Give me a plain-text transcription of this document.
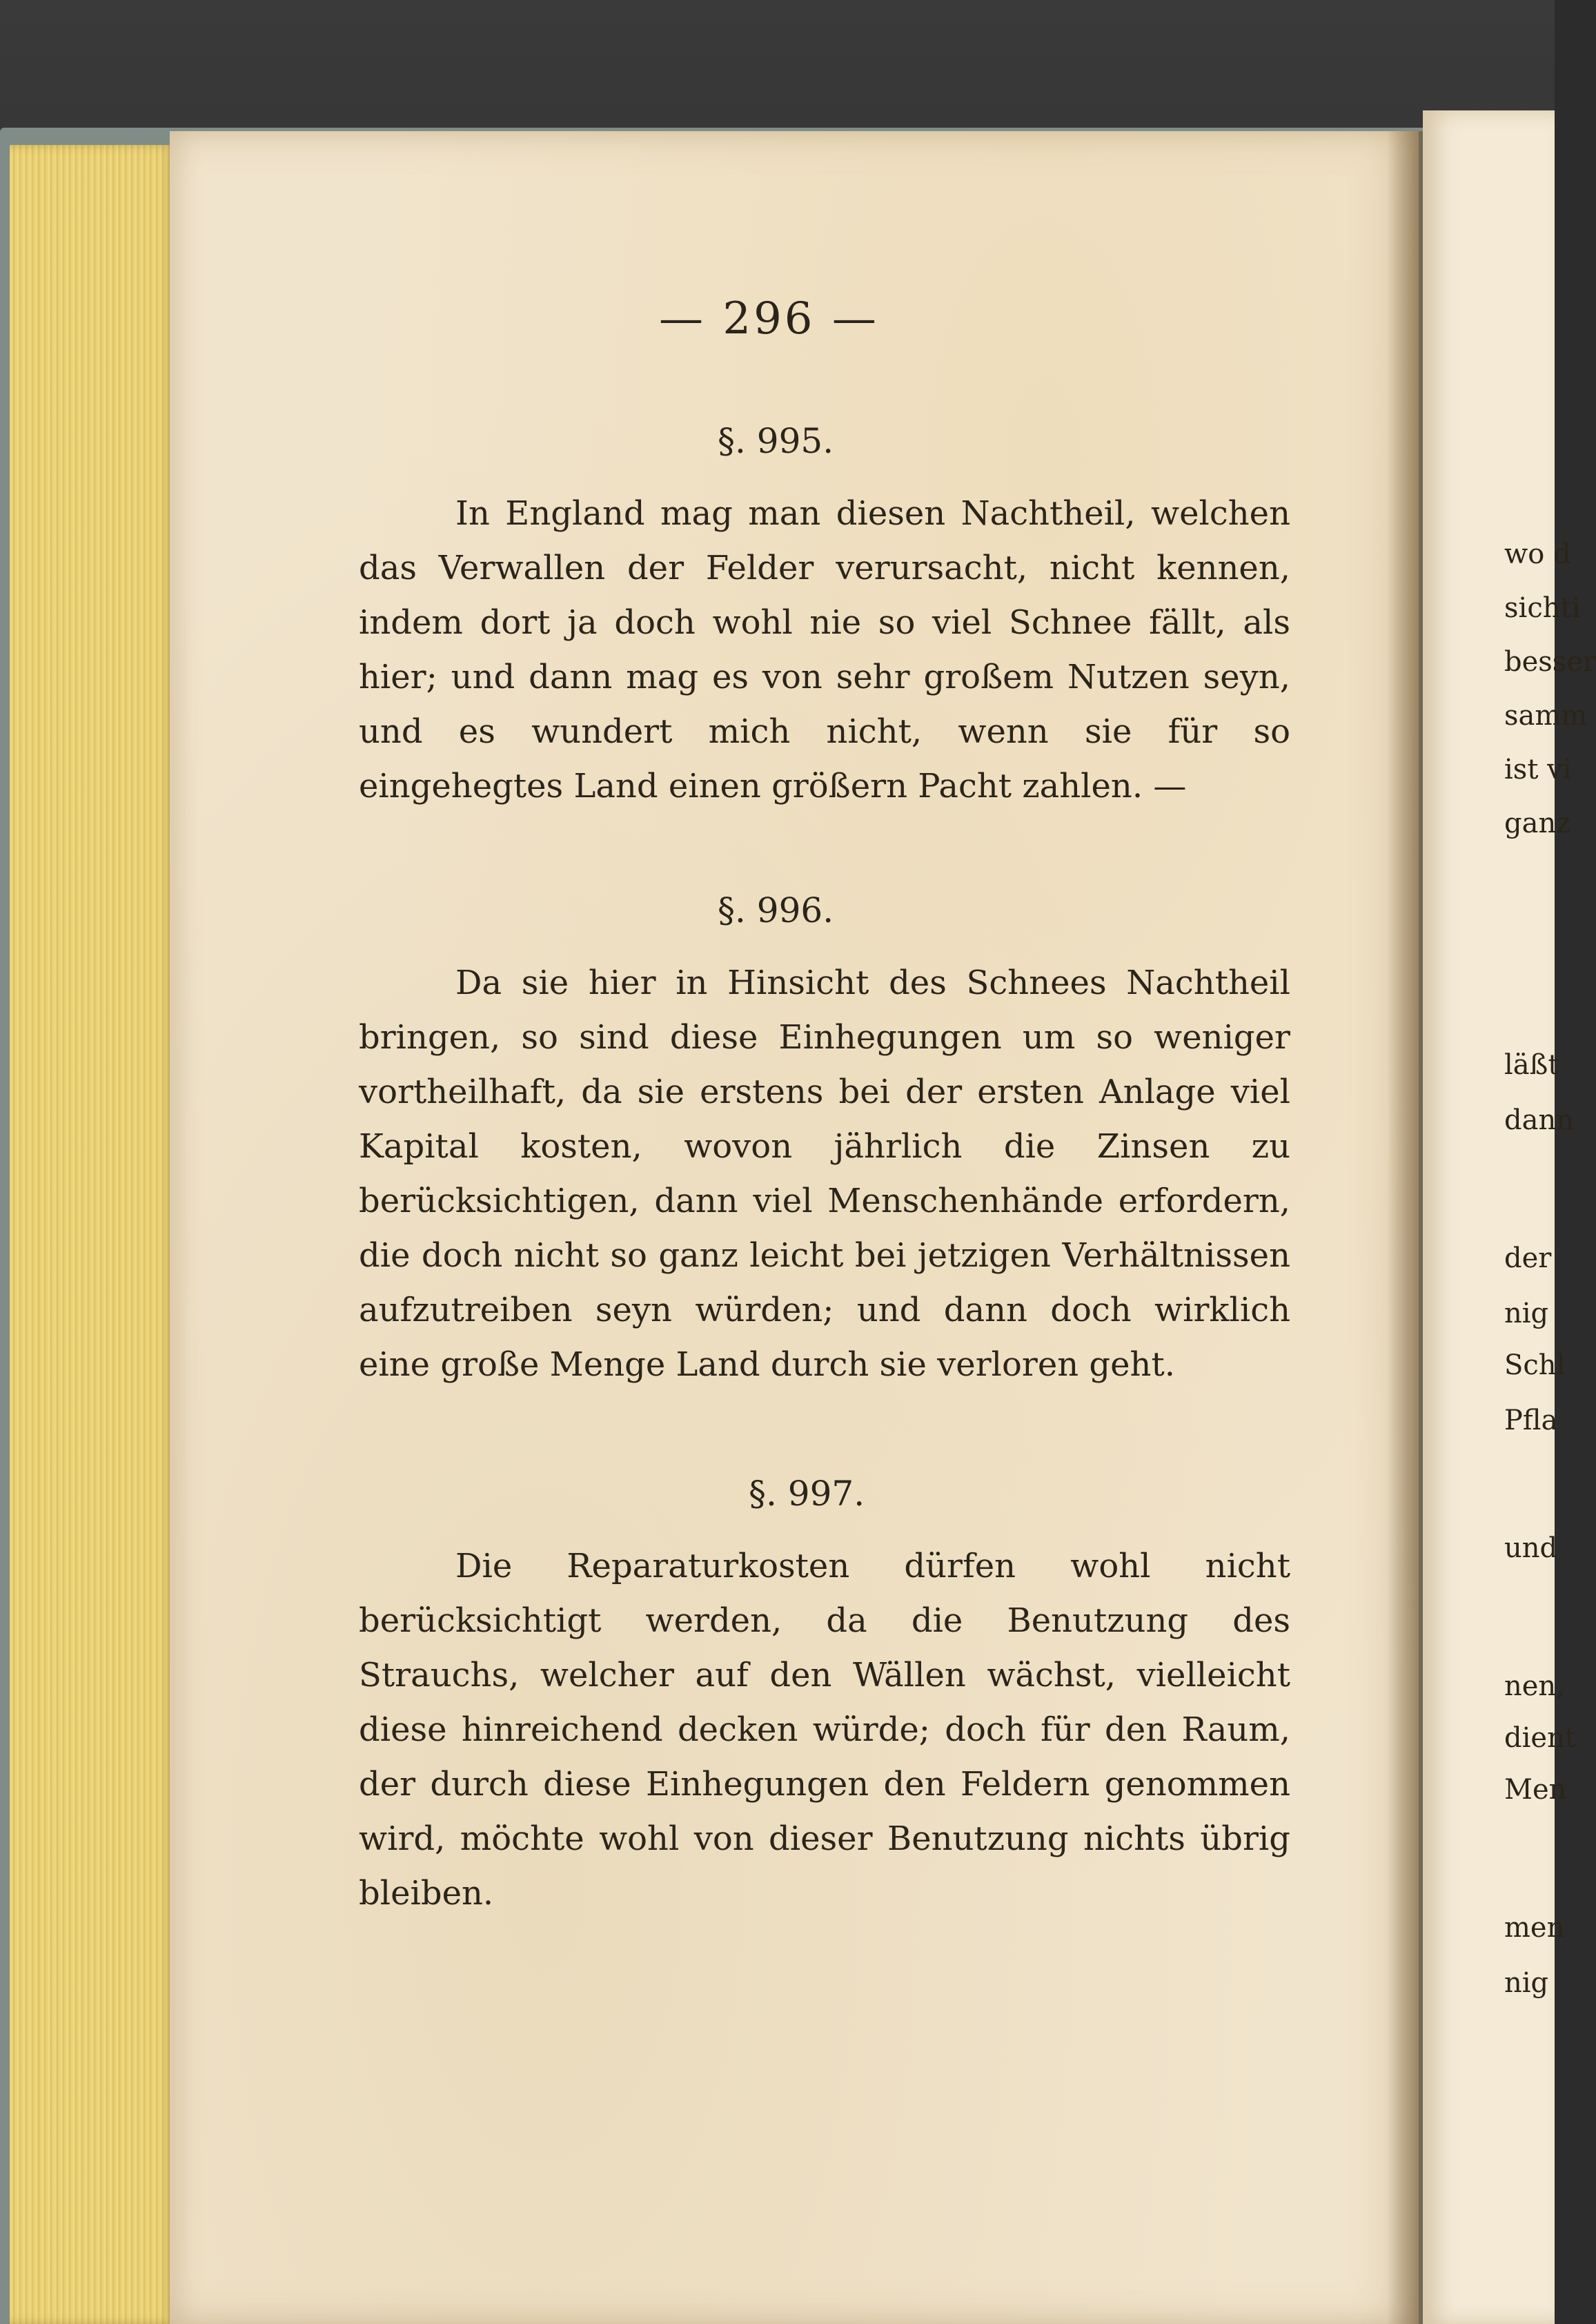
— 296 —
§. 995.
In England mag man diesen Nachtheil, welchen das Verwallen der Felder verursacht, nicht kennen, indem dort ja doch wohl nie so viel Schnee fällt, als hier; und dann mag es von sehr großem Nutzen seyn, und es wundert mich nicht, wenn sie für so eingehegtes Land einen größern Pacht zahlen. —
§. 996.
Da sie hier in Hinsicht des Schnees Nachtheil bringen, so sind diese Einhegungen um so weniger vortheilhaft, da sie erstens bei der ersten Anlage viel Kapital kosten, wovon jährlich die Zinsen zu berücksichtigen, dann viel Menschenhände erfordern, die doch nicht so ganz leicht bei jetzigen Verhältnissen aufzutreiben seyn würden; und dann doch wirklich eine große Menge Land durch sie verloren geht.
§. 997.
Die Reparaturkosten dürfen wohl nicht berücksichtigt werden, da die Benutzung des Strauchs, welcher auf den Wällen wächst, vielleicht diese hinreichend decken würde; doch für den Raum, der durch diese Einhegungen den Feldern genommen wird, möchte wohl von dieser Benutzung nichts übrig bleiben.
wo d
sichti
besser
samm
ist vi
ganz
läßt
dann
der
nig
Schl
Pfla
und
nen,
dient
Men
men
nig
